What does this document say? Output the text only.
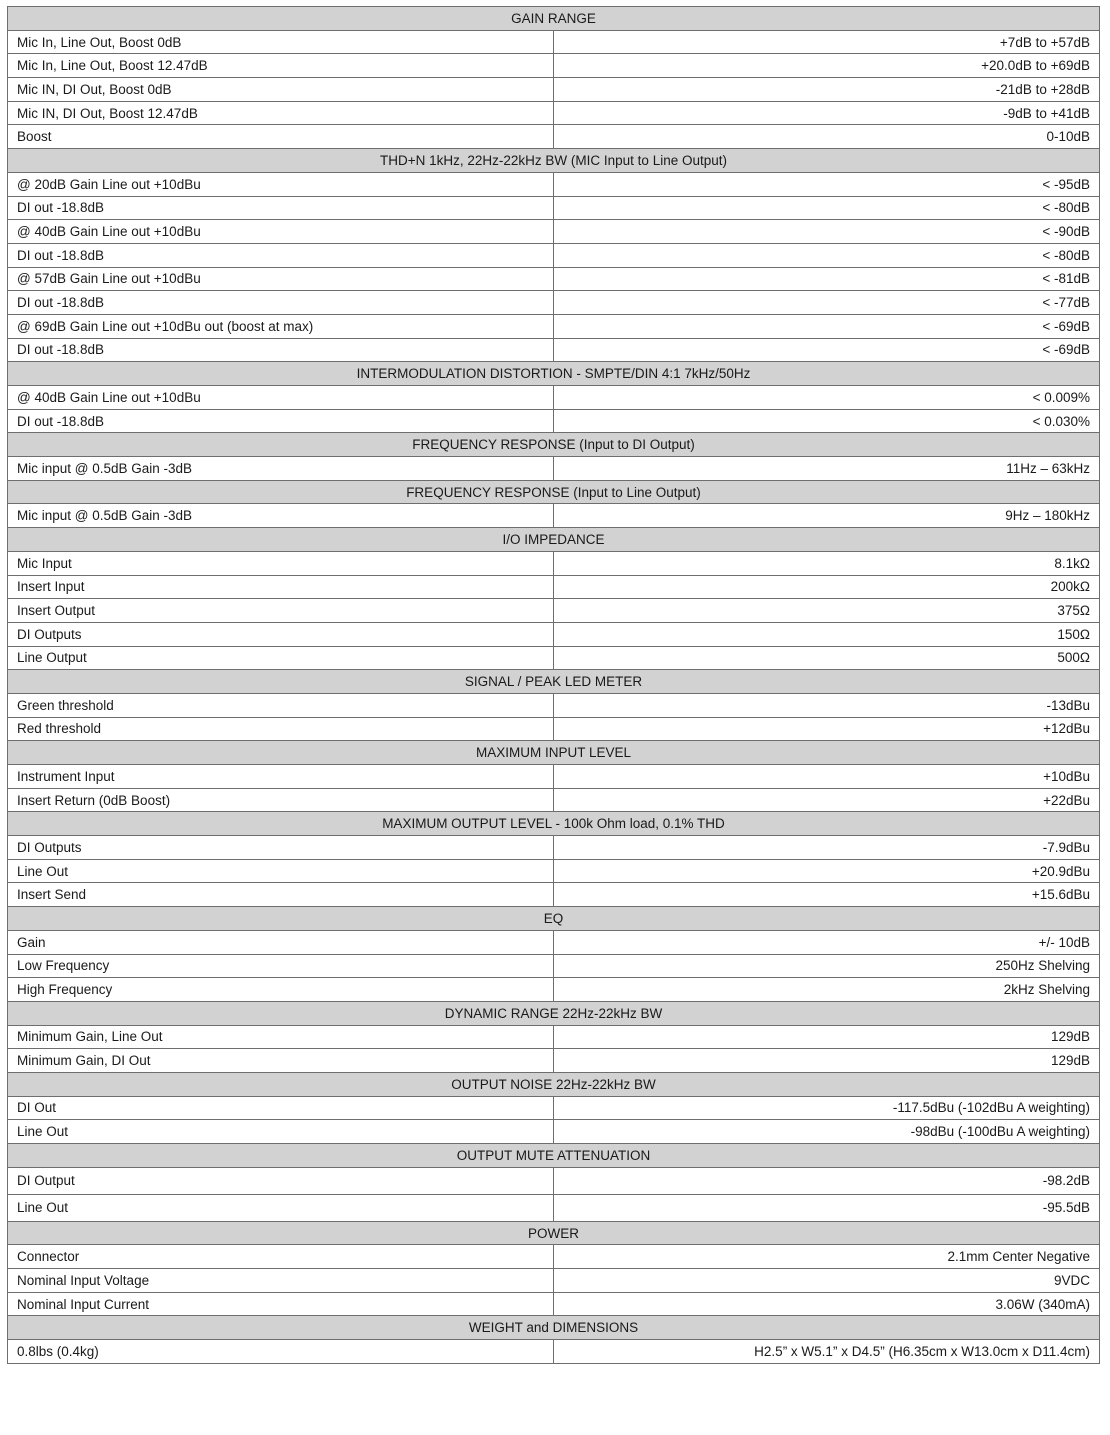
GAIN RANGE	
Mic In, Line Out, Boost 0dB	+7dB to +57dB
Mic In, Line Out, Boost 12.47dB	+20.0dB to +69dB
Mic IN, DI Out, Boost 0dB	-21dB to +28dB
Mic IN, DI Out, Boost 12.47dB	-9dB to +41dB
Boost	0-10dB
THD+N 1kHz, 22Hz-22kHz BW (MIC Input to Line Output)	
@ 20dB Gain Line out +10dBu	< -95dB
DI out -18.8dB	< -80dB
@ 40dB Gain Line out +10dBu	< -90dB
DI out -18.8dB	< -80dB
@ 57dB Gain Line out +10dBu	< -81dB
DI out -18.8dB	< -77dB
@ 69dB Gain Line out +10dBu out (boost at max)	< -69dB
DI out -18.8dB	< -69dB
INTERMODULATION DISTORTION - SMPTE/DIN 4:1 7kHz/50Hz	
@ 40dB Gain Line out +10dBu	< 0.009%
DI out -18.8dB	< 0.030%
FREQUENCY RESPONSE (Input to DI Output)	
Mic input @ 0.5dB Gain -3dB	11Hz – 63kHz
FREQUENCY RESPONSE (Input to Line Output)	
Mic input @ 0.5dB Gain -3dB	9Hz – 180kHz
I/O IMPEDANCE	
Mic Input	8.1kΩ
Insert Input	200kΩ
Insert Output	375Ω
DI Outputs	150Ω
Line Output	500Ω
SIGNAL / PEAK LED METER	
Green threshold	-13dBu
Red threshold	+12dBu
MAXIMUM INPUT LEVEL	
Instrument Input	+10dBu
Insert Return (0dB Boost)	+22dBu
MAXIMUM OUTPUT LEVEL - 100k Ohm load, 0.1% THD	
DI Outputs	-7.9dBu
Line Out	+20.9dBu
Insert Send	+15.6dBu
EQ	
Gain	+/- 10dB
Low Frequency	250Hz Shelving
High Frequency	2kHz Shelving
DYNAMIC RANGE 22Hz-22kHz BW	
Minimum Gain, Line Out	129dB
Minimum Gain, DI Out	129dB
OUTPUT NOISE 22Hz-22kHz BW	
DI Out	-117.5dBu (-102dBu A weighting)
Line Out	-98dBu (-100dBu A weighting)
OUTPUT MUTE ATTENUATION	
DI Output	-98.2dB
Line Out	-95.5dB
POWER	
Connector	2.1mm Center Negative
Nominal Input Voltage	9VDC
Nominal Input Current	3.06W (340mA)
WEIGHT and DIMENSIONS	
0.8lbs (0.4kg)	H2.5” x W5.1” x D4.5” (H6.35cm x W13.0cm x D11.4cm)
